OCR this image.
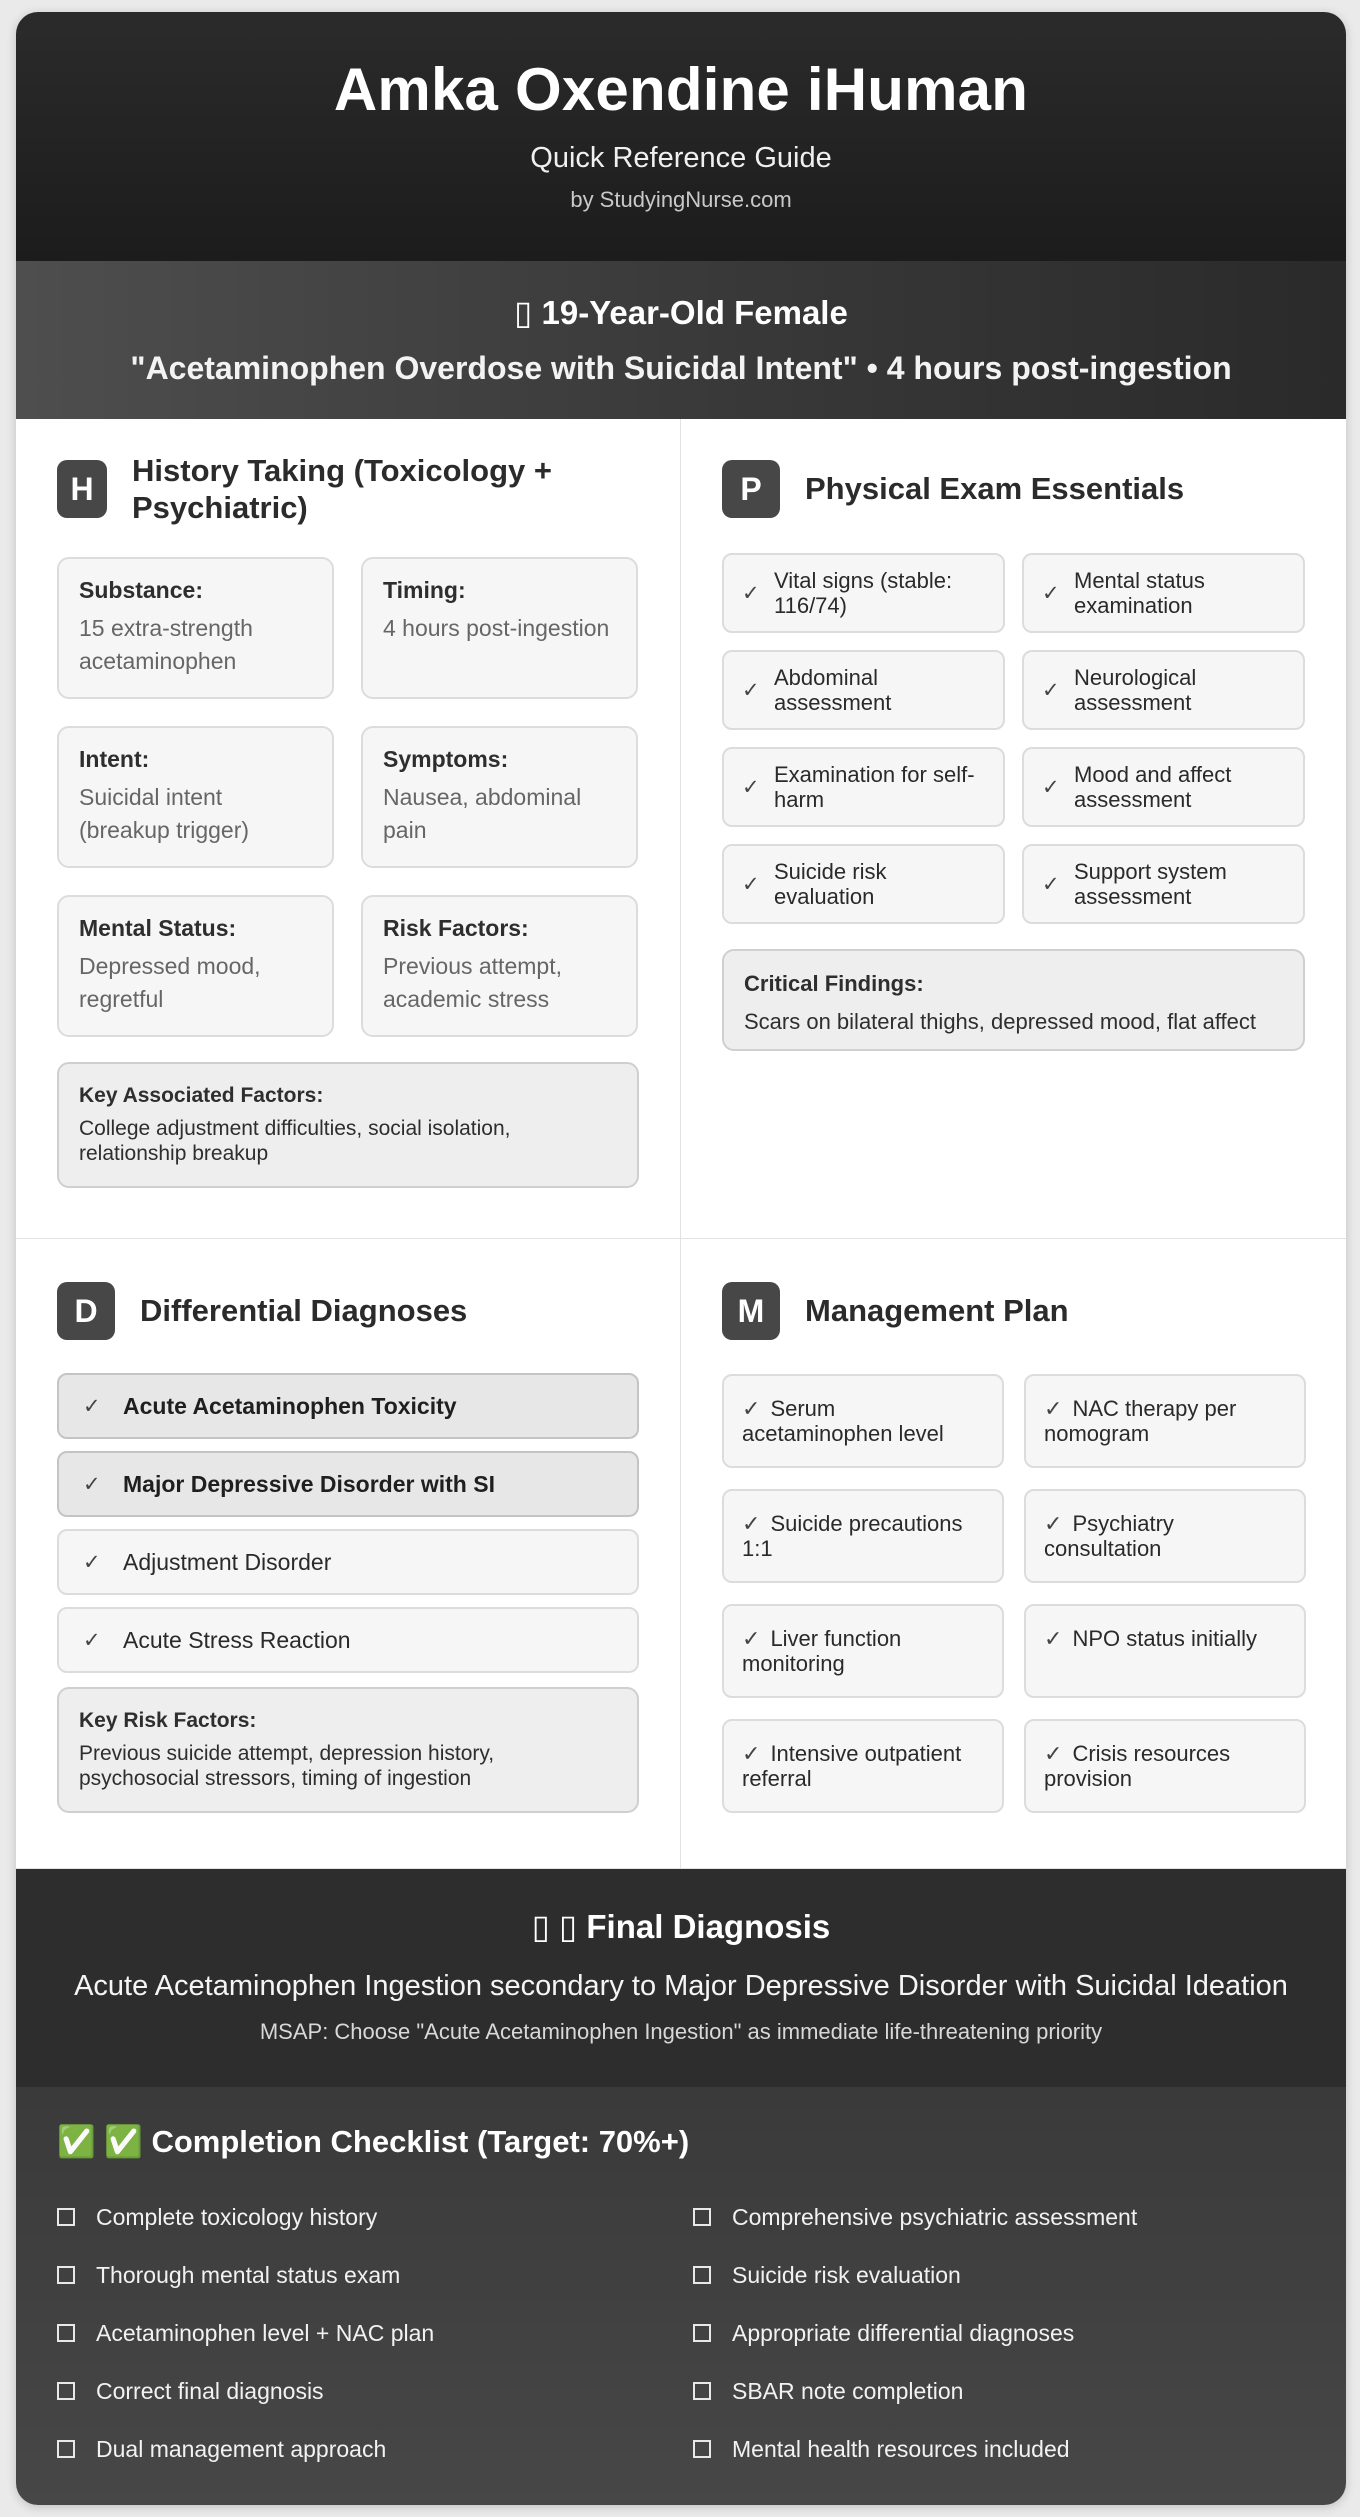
Amka Oxendine iHuman
Quick Reference Guide
by StudyingNurse.com
▯ 19-Year-Old Female
"Acetaminophen Overdose with Suicidal Intent" • 4 hours post-ingestion
H
History Taking (Toxicology + Psychiatric)
Substance:
15 extra-strength acetaminophen
Timing:
4 hours post-ingestion
Intent:
Suicidal intent (breakup trigger)
Symptoms:
Nausea, abdominal pain
Mental Status:
Depressed mood, regretful
Risk Factors:
Previous attempt, academic stress
Key Associated Factors:
College adjustment difficulties, social isolation, relationship breakup
P	Physical Exam Essentials
✓
Vital signs (stable: 116/74)	✓
Mental status examination
✓
Abdominal assessment	✓
Neurological assessment
✓
Examination for self-harm	✓
Mood and affect assessment
✓
Suicide risk evaluation	✓
Support system assessment
Critical Findings:
Scars on bilateral thighs, depressed mood, flat affect
D	Differential Diagnoses
✓ Acute Acetaminophen Toxicity
✓ Major Depressive Disorder with SI
✓ Adjustment Disorder
✓ Acute Stress Reaction
Key Risk Factors:
Previous suicide attempt, depression history, psychosocial stressors, timing of ingestion
M	Management Plan
✓ Serum acetaminophen level
✓ NAC therapy per nomogram
✓ Suicide precautions 1:1
✓ Psychiatry consultation
✓ Liver function monitoring
✓ NPO status initially
✓ Intensive outpatient referral
✓ Crisis resources provision
▯ ▯ Final Diagnosis
Acute Acetaminophen Ingestion secondary to Major Depressive Disorder with Suicidal Ideation
MSAP: Choose "Acute Acetaminophen Ingestion" as immediate life-threatening priority
✅ ✅ Completion Checklist (Target: 70%+)
Complete toxicology history	Comprehensive psychiatric assessment
Thorough mental status exam	Suicide risk evaluation
Acetaminophen level + NAC plan	Appropriate differential diagnoses
Correct final diagnosis	SBAR note completion
Dual management approach	Mental health resources included
